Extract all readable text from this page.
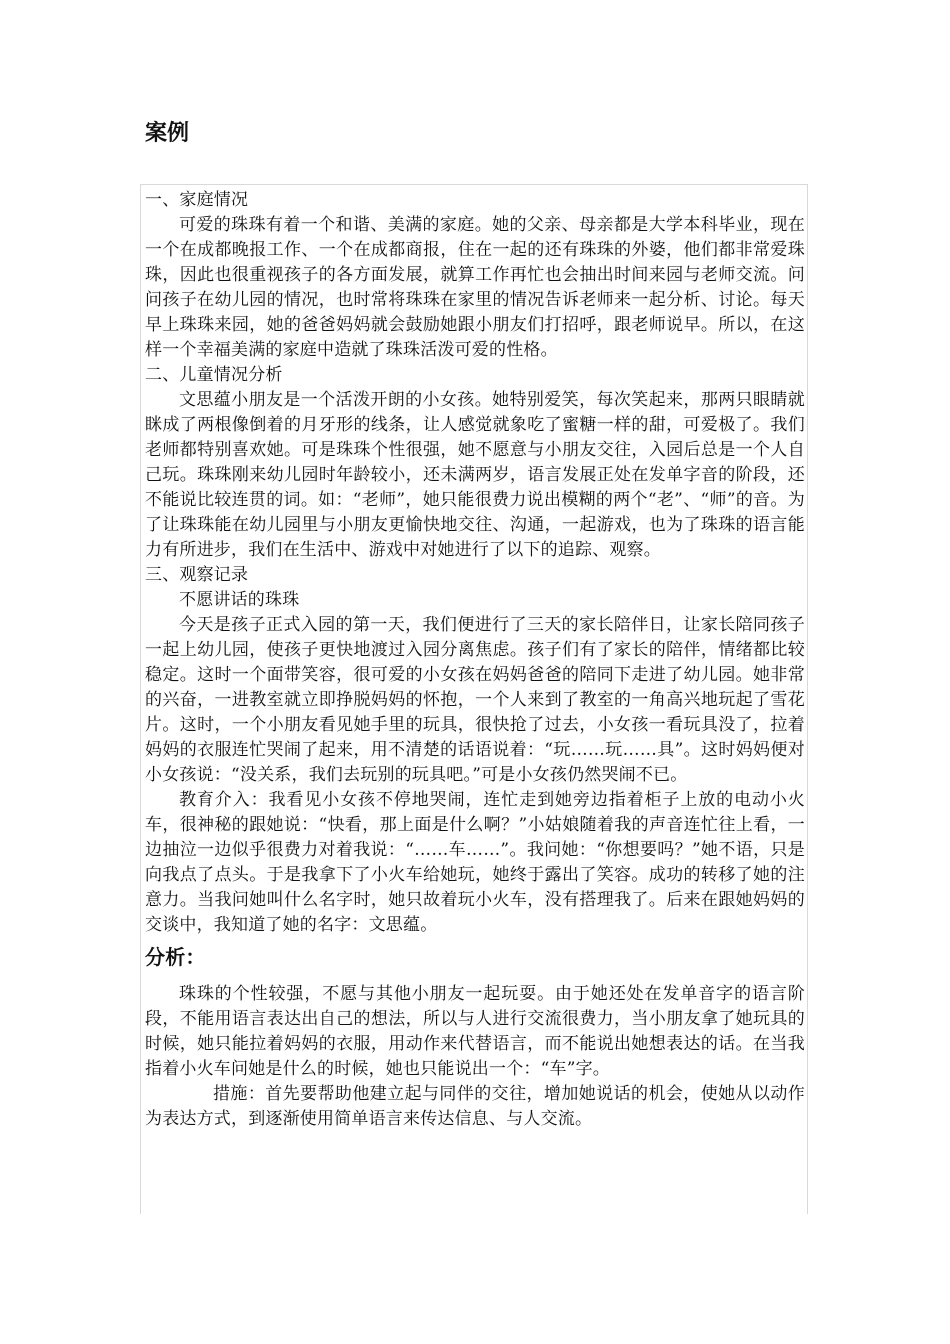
案例

一、家庭情况

可爱的珠珠有着一个和谐、美满的家庭。她的父亲、母亲都是大学本科毕业，现在一个在成都晚报工作、一个在成都商报，住在一起的还有珠珠的外婆，他们都非常爱珠珠，因此也很重视孩子的各方面发展，就算工作再忙也会抽出时间来园与老师交流。问问孩子在幼儿园的情况，也时常将珠珠在家里的情况告诉老师来一起分析、讨论。每天早上珠珠来园，她的爸爸妈妈就会鼓励她跟小朋友们打招呼，跟老师说早。所以，在这样一个幸福美满的家庭中造就了珠珠活泼可爱的性格。

二、儿童情况分析

文思蕴小朋友是一个活泼开朗的小女孩。她特别爱笑，每次笑起来，那两只眼睛就眯成了两根像倒着的月牙形的线条，让人感觉就象吃了蜜糖一样的甜，可爱极了。我们老师都特别喜欢她。可是珠珠个性很强，她不愿意与小朋友交往，入园后总是一个人自己玩。珠珠刚来幼儿园时年龄较小，还未满两岁，语言发展正处在发单字音的阶段，还不能说比较连贯的词。如：“老师”，她只能很费力说出模糊的两个“老”、“师”的音。为了让珠珠能在幼儿园里与小朋友更愉快地交往、沟通，一起游戏，也为了珠珠的语言能力有所进步，我们在生活中、游戏中对她进行了以下的追踪、观察。

三、观察记录

不愿讲话的珠珠

今天是孩子正式入园的第一天，我们便进行了三天的家长陪伴日，让家长陪同孩子一起上幼儿园，使孩子更快地渡过入园分离焦虑。孩子们有了家长的陪伴，情绪都比较稳定。这时一个面带笑容，很可爱的小女孩在妈妈爸爸的陪同下走进了幼儿园。她非常的兴奋，一进教室就立即挣脱妈妈的怀抱，一个人来到了教室的一角高兴地玩起了雪花片。这时，一个小朋友看见她手里的玩具，很快抢了过去，小女孩一看玩具没了，拉着妈妈的衣服连忙哭闹了起来，用不清楚的话语说着：“玩……玩……具”。这时妈妈便对小女孩说：“没关系，我们去玩别的玩具吧。”可是小女孩仍然哭闹不已。

教育介入：我看见小女孩不停地哭闹，连忙走到她旁边指着柜子上放的电动小火车，很神秘的跟她说：“快看，那上面是什么啊？”小姑娘随着我的声音连忙往上看，一边抽泣一边似乎很费力对着我说：“……车……”。我问她：“你想要吗？”她不语，只是向我点了点头。于是我拿下了小火车给她玩，她终于露出了笑容。成功的转移了她的注意力。当我问她叫什么名字时，她只故着玩小火车，没有搭理我了。后来在跟她妈妈的交谈中，我知道了她的名字：文思蕴。

分析：

珠珠的个性较强，不愿与其他小朋友一起玩耍。由于她还处在发单音字的语言阶段，不能用语言表达出自己的想法，所以与人进行交流很费力，当小朋友拿了她玩具的时候，她只能拉着妈妈的衣服，用动作来代替语言，而不能说出她想表达的话。在当我指着小火车问她是什么的时候，她也只能说出一个：“车”字。

措施：首先要帮助他建立起与同伴的交往，增加她说话的机会，使她从以动作为表达方式，到逐渐使用简单语言来传达信息、与人交流。
